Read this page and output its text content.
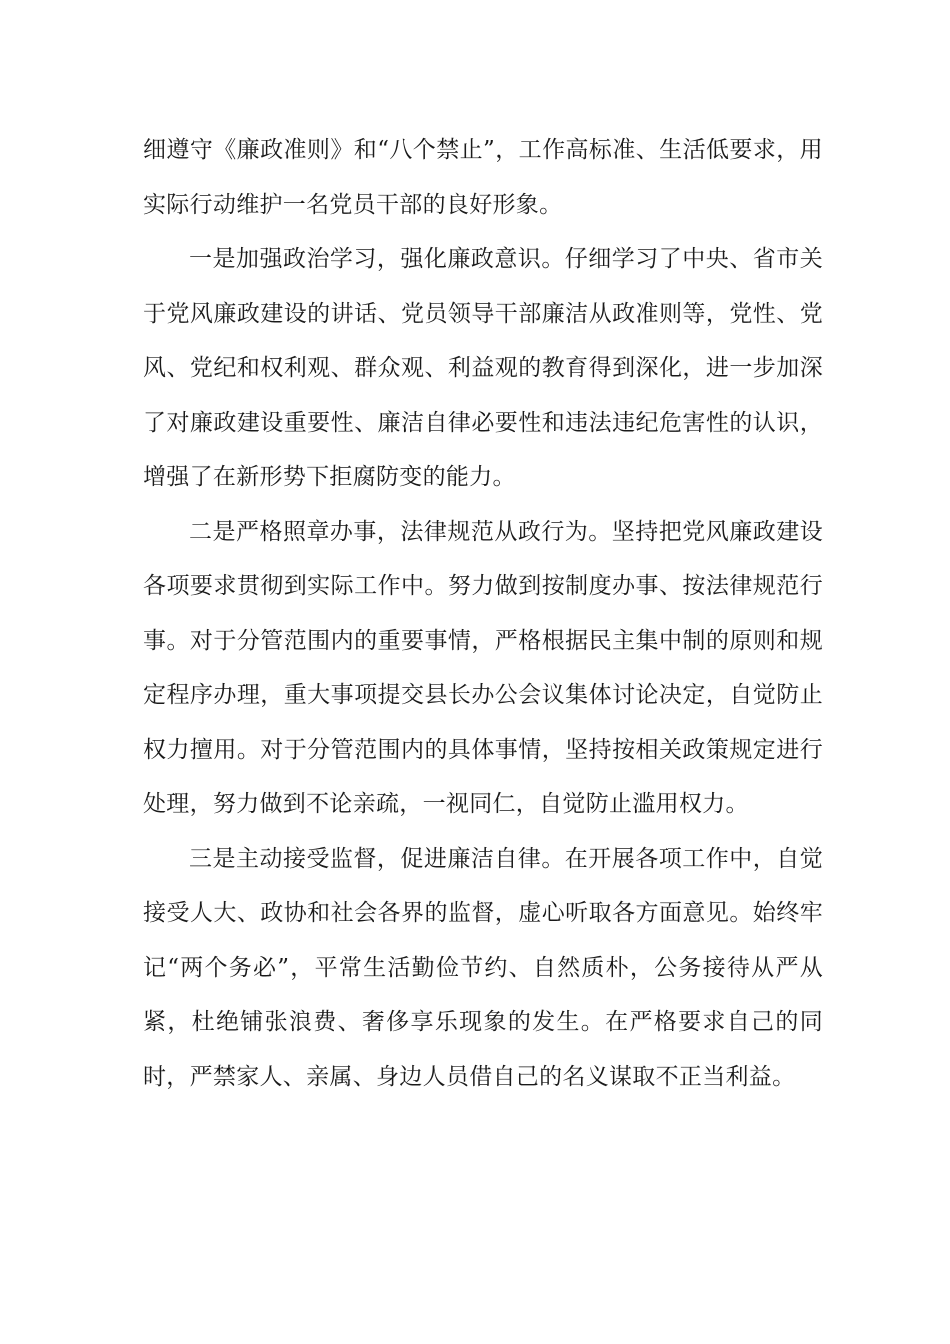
细遵守《廉政准则》和“八个禁止”，工作高标准、生活低要求，用实际行动维护一名党员干部的良好形象。

一是加强政治学习，强化廉政意识。仔细学习了中央、省市关于党风廉政建设的讲话、党员领导干部廉洁从政准则等，党性、党风、党纪和权利观、群众观、利益观的教育得到深化，进一步加深了对廉政建设重要性、廉洁自律必要性和违法违纪危害性的认识，增强了在新形势下拒腐防变的能力。

二是严格照章办事，法律规范从政行为。坚持把党风廉政建设各项要求贯彻到实际工作中。努力做到按制度办事、按法律规范行事。对于分管范围内的重要事情，严格根据民主集中制的原则和规定程序办理，重大事项提交县长办公会议集体讨论决定，自觉防止权力擅用。对于分管范围内的具体事情，坚持按相关政策规定进行处理，努力做到不论亲疏，一视同仁，自觉防止滥用权力。

三是主动接受监督，促进廉洁自律。在开展各项工作中，自觉接受人大、政协和社会各界的监督，虚心听取各方面意见。始终牢记“两个务必”，平常生活勤俭节约、自然质朴，公务接待从严从紧，杜绝铺张浪费、奢侈享乐现象的发生。在严格要求自己的同时，严禁家人、亲属、身边人员借自己的名义谋取不正当利益。
